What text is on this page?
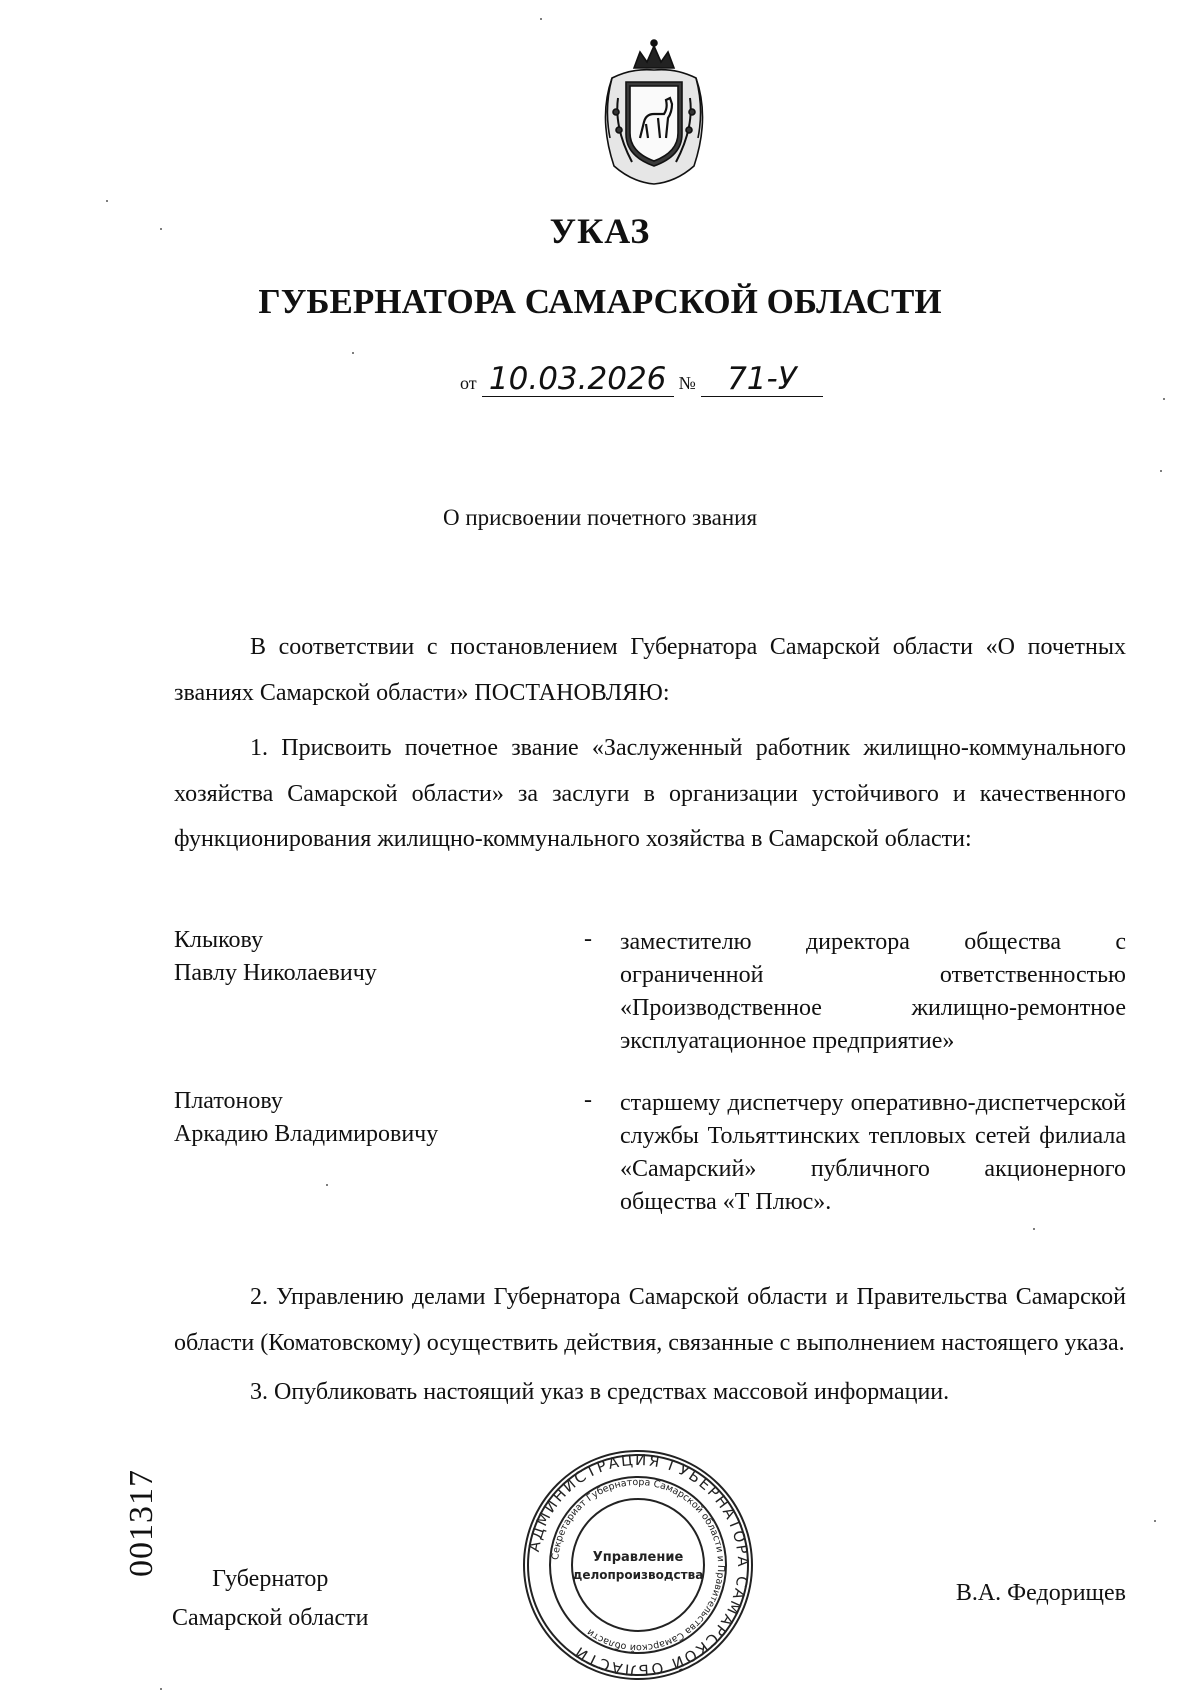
УКАЗ
ГУБЕРНАТОРА САМАРСКОЙ ОБЛАСТИ
от 10.03.2026 № 71-У
О присвоении почетного звания
В соответствии с постановлением Губернатора Самарской области «О почетных званиях Самарской области» ПОСТАНОВЛЯЮ:
1. Присвоить почетное звание «Заслуженный работник жилищно-коммунального хозяйства Самарской области» за заслуги в организации устойчивого и качественного функционирования жилищно-коммунального хозяйства в Самарской области:
Клыкову
Павлу Николаевичу
- заместителю директора общества с ограниченной ответственностью «Производственное жилищно-ремонтное эксплуатационное предприятие»
Платонову
Аркадию Владимировичу
- старшему диспетчеру оперативно-диспетчерской службы Тольяттинских тепловых сетей филиала «Самарский» публичного акционерного общества «Т Плюс».
2. Управлению делами Губернатора Самарской области и Правительства Самарской области (Коматовскому) осуществить действия, связанные с выполнением настоящего указа.
3. Опубликовать настоящий указ в средствах массовой информации.
001317	АДМИНИСТРАЦИЯ ГУБЕРНАТОРА САМАРСКОЙ ОБЛАСТИ
Секретариат Губернатора Самарской области и Правительства Самарской области
Управление
делопроизводства
Губернатор
Самарской области
В.А. Федорищев
